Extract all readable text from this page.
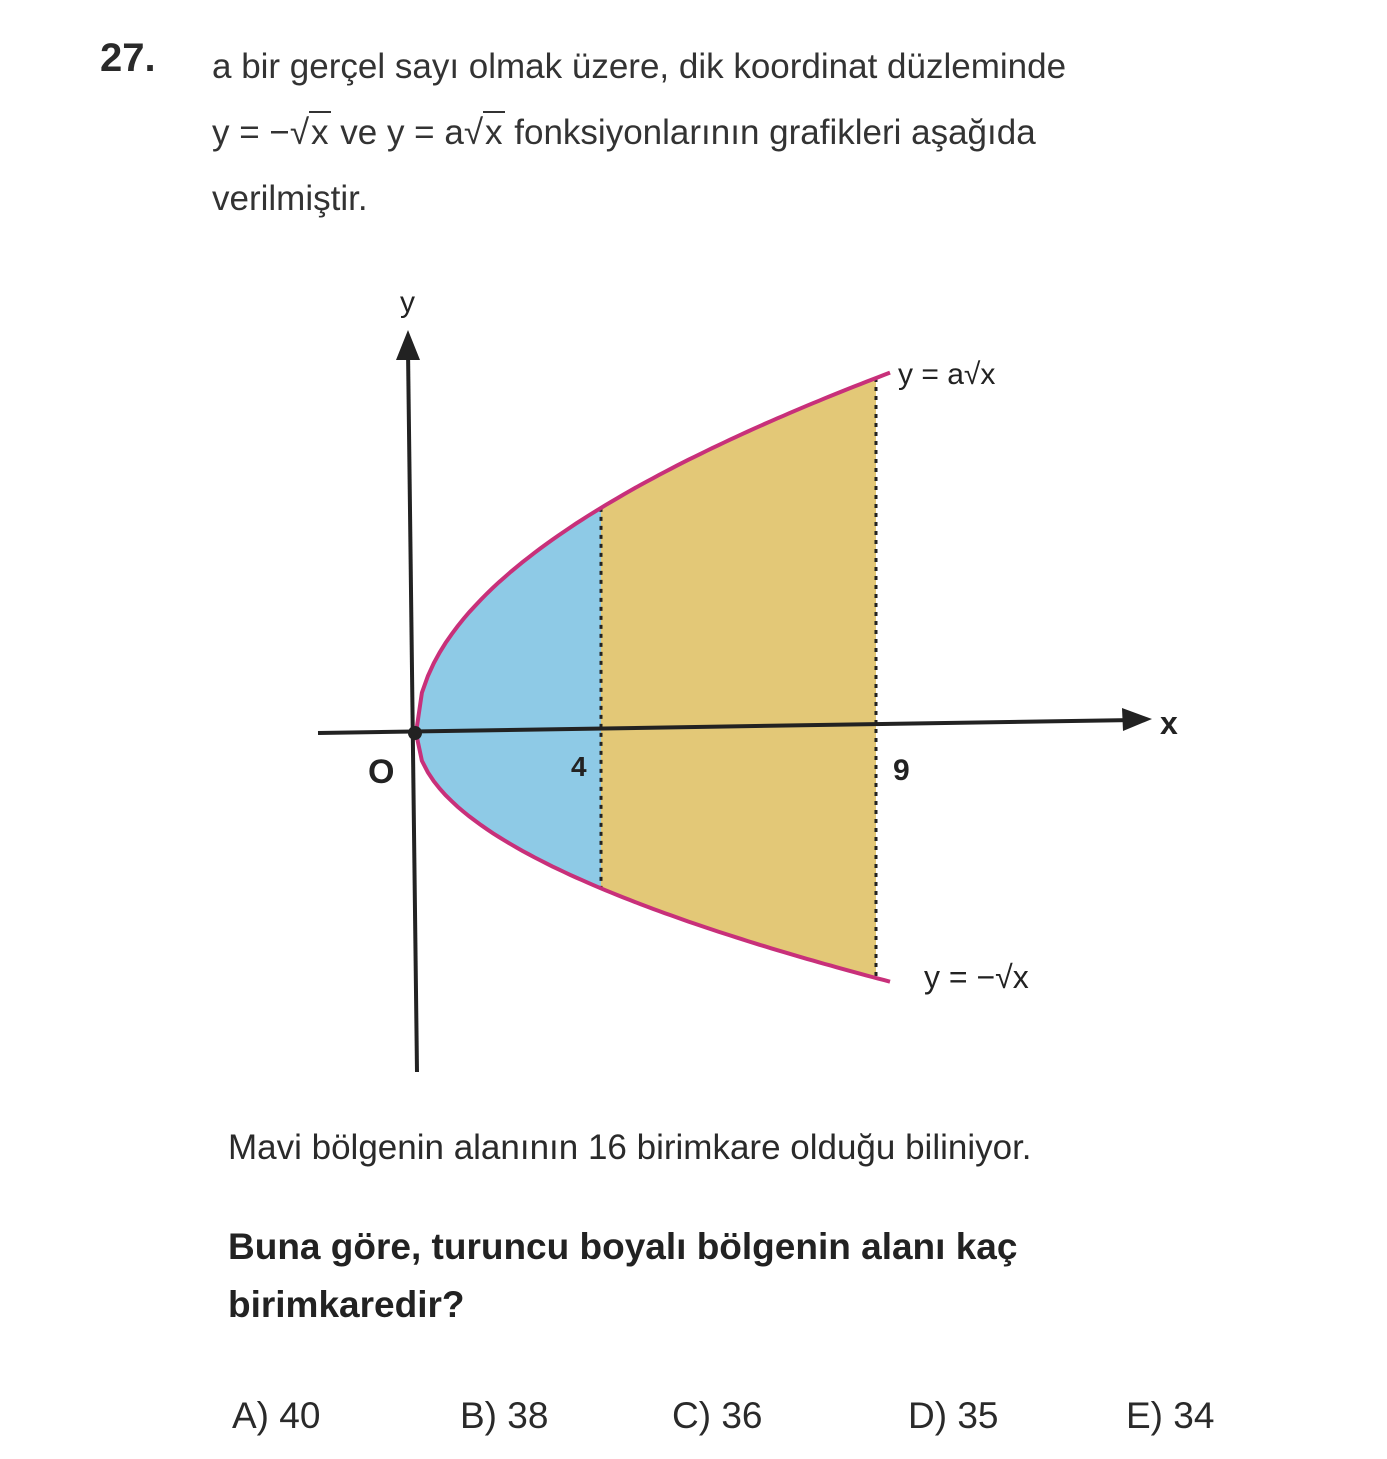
27. a bir gerçel sayı olmak üzere, dik koordinat düzleminde
y = −√x ve y = a√x fonksiyonlarının grafikleri aşağıda
verilmiştir.
y
x
O	4	9
y = a√x
y = −√x
Mavi bölgenin alanının 16 birimkare olduğu biliniyor.
Buna göre, turuncu boyalı bölgenin alanı kaç birimkaredir?
A) 40	B) 38	C) 36	D) 35	E) 34
